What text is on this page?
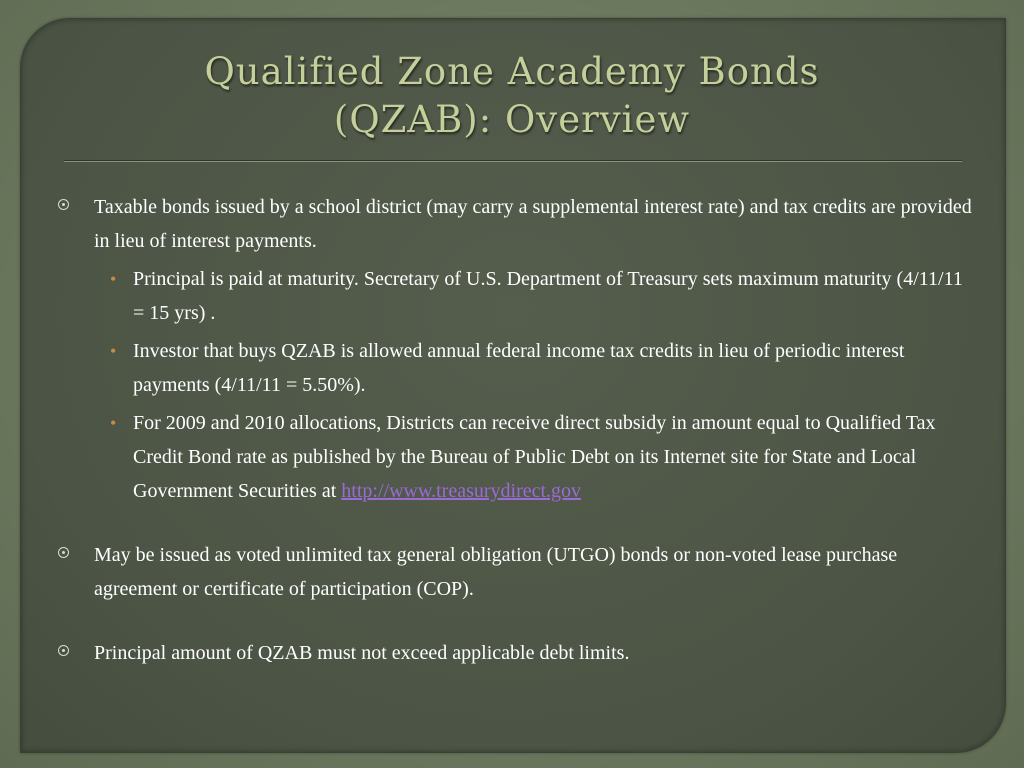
Qualified Zone Academy Bonds
(QZAB): Overview
Taxable bonds issued by a school district (may carry a supplemental interest rate) and tax credits are provided in lieu of interest payments.
• Principal is paid at maturity. Secretary of U.S. Department of Treasury sets maximum maturity (4/11/11 = 15 yrs) .
• Investor that buys QZAB is allowed annual federal income tax credits in lieu of periodic interest payments (4/11/11 = 5.50%).
• For 2009 and 2010 allocations, Districts can receive direct subsidy in amount equal to Qualified Tax Credit Bond rate as published by the Bureau of Public Debt on its Internet site for State and Local Government Securities at http://www.treasurydirect.gov
May be issued as voted unlimited tax general obligation (UTGO) bonds or non-voted lease purchase agreement or certificate of participation (COP).
Principal amount of QZAB must not exceed applicable debt limits.
